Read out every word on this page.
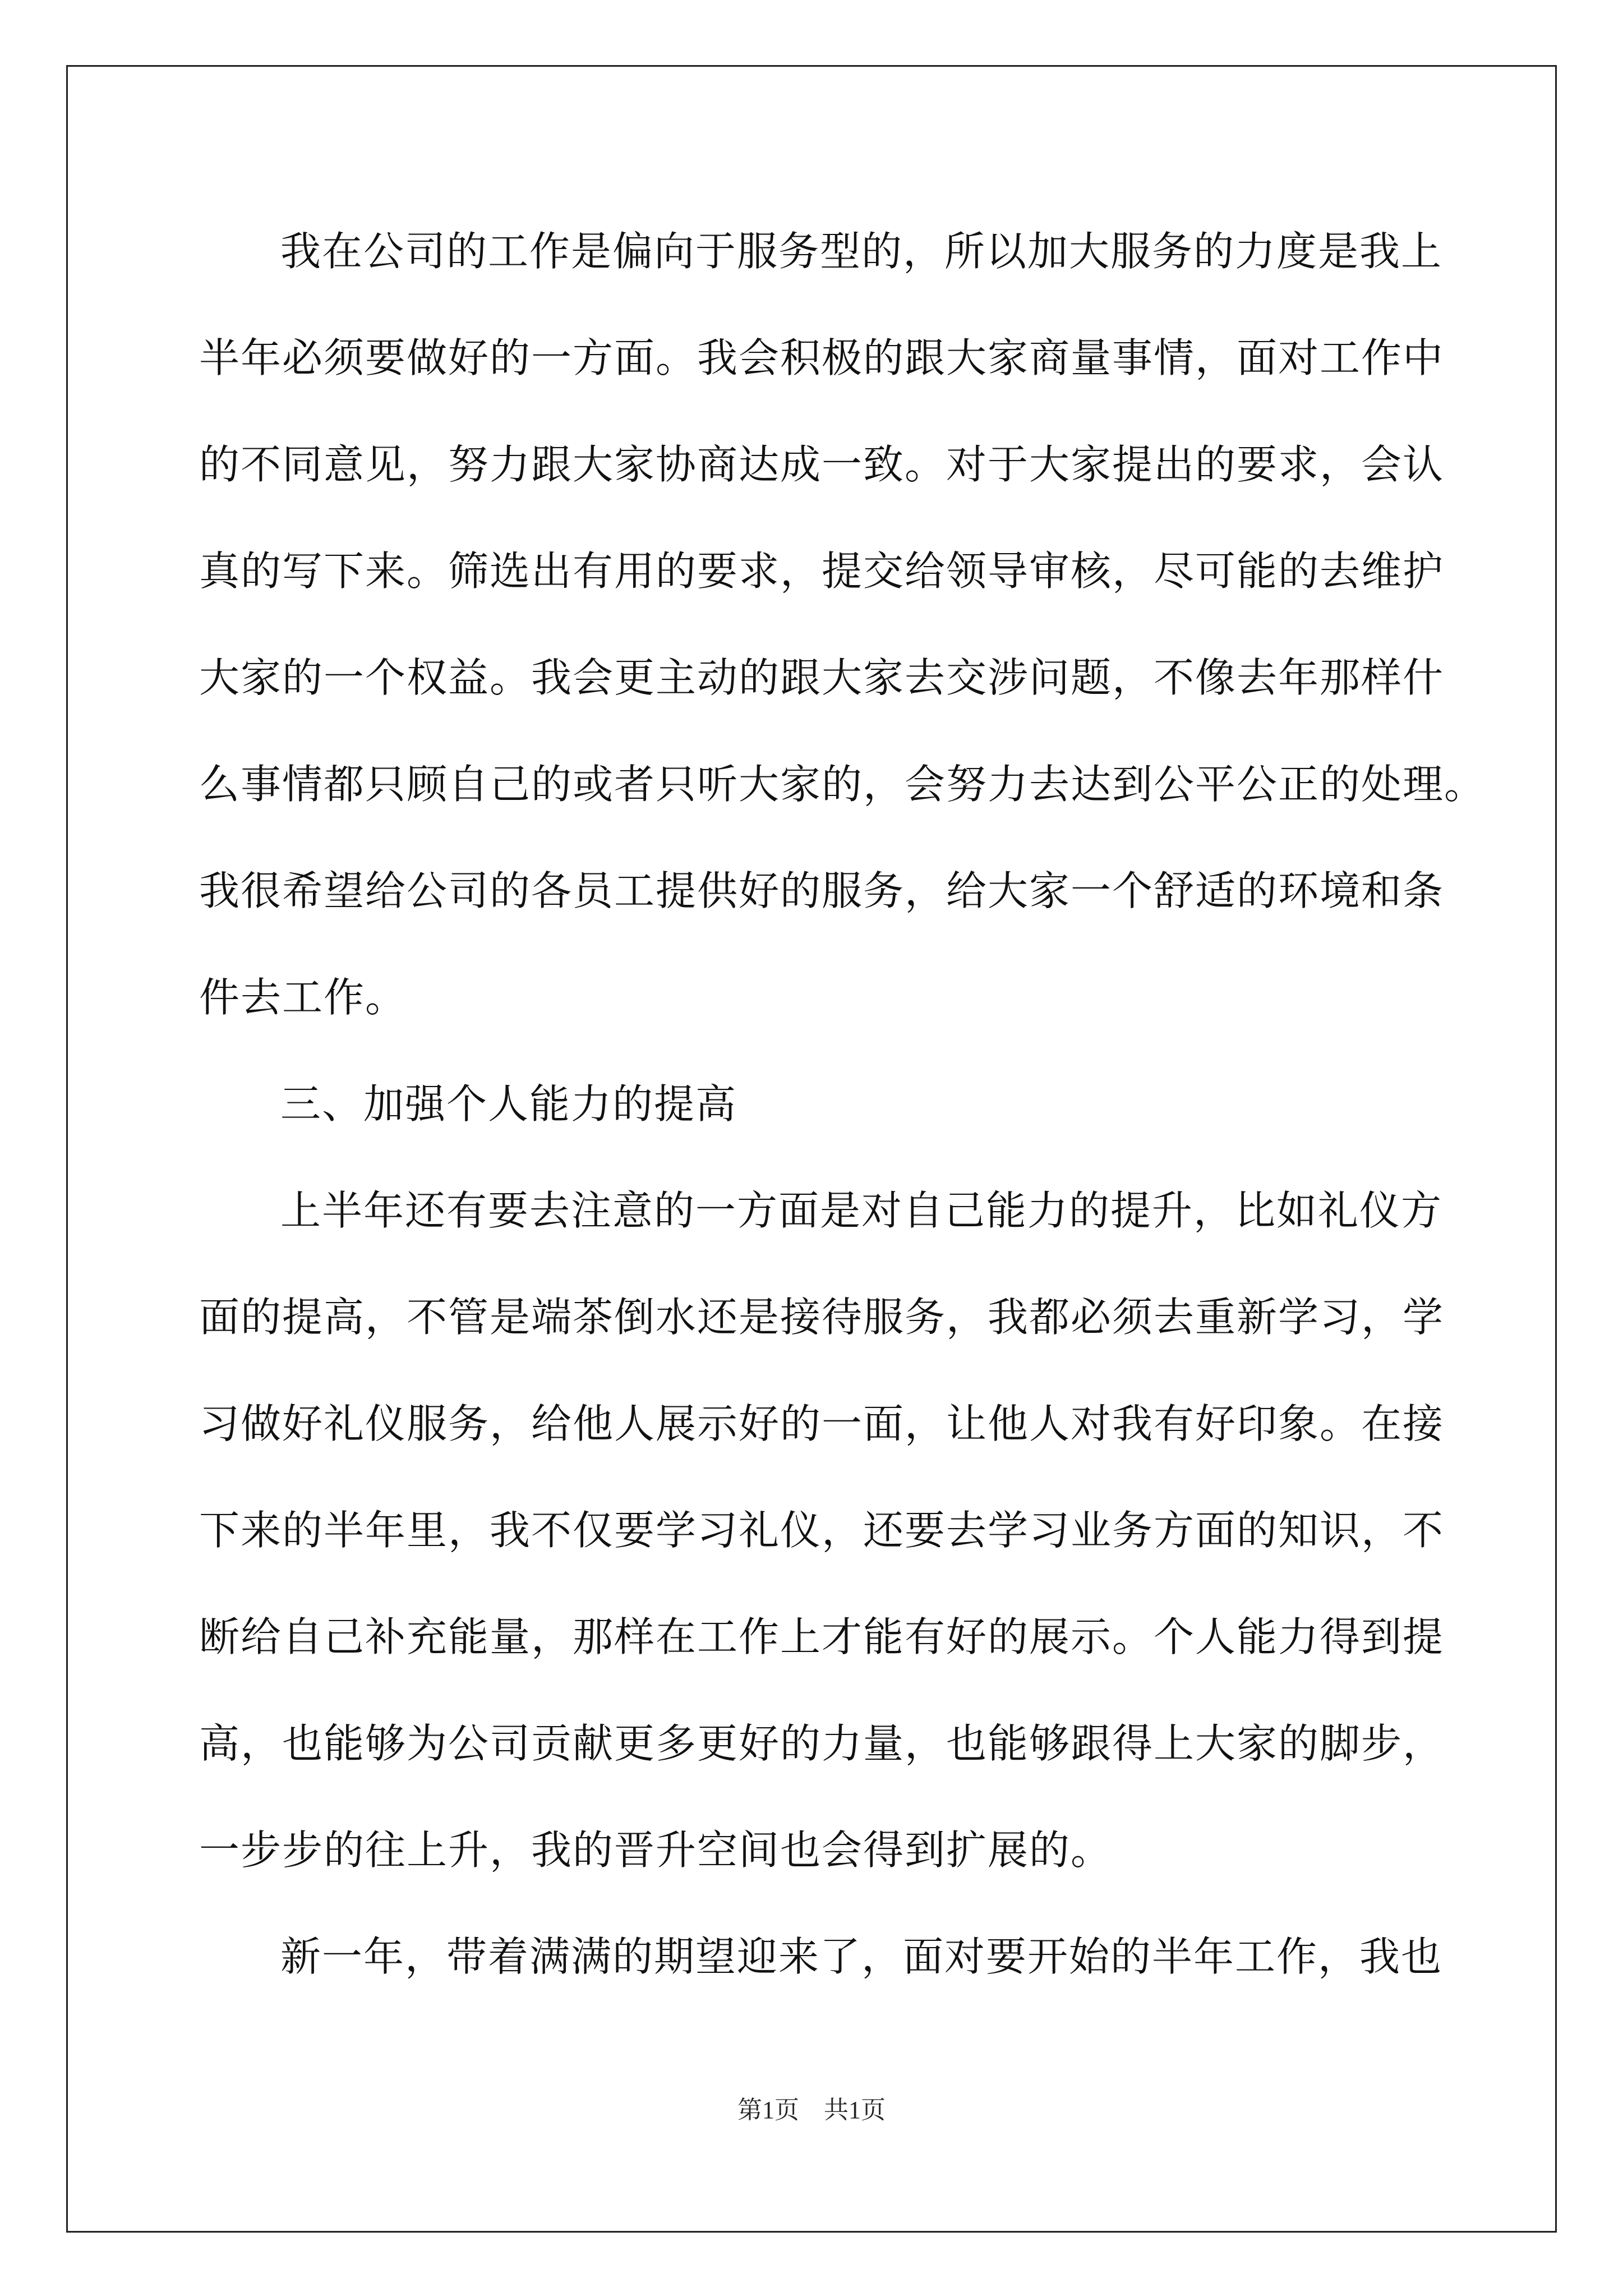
我在公司的工作是偏向于服务型的，所以加大服务的力度是我上
半年必须要做好的一方面。我会积极的跟大家商量事情，面对工作中
的不同意见，努力跟大家协商达成一致。对于大家提出的要求，会认
真的写下来。筛选出有用的要求，提交给领导审核，尽可能的去维护
大家的一个权益。我会更主动的跟大家去交涉问题，不像去年那样什
么事情都只顾自己的或者只听大家的，会努力去达到公平公正的处理。
我很希望给公司的各员工提供好的服务，给大家一个舒适的环境和条
件去工作。
三、加强个人能力的提高
上半年还有要去注意的一方面是对自己能力的提升，比如礼仪方
面的提高，不管是端茶倒水还是接待服务，我都必须去重新学习，学
习做好礼仪服务，给他人展示好的一面，让他人对我有好印象。在接
下来的半年里，我不仅要学习礼仪，还要去学习业务方面的知识，不
断给自己补充能量，那样在工作上才能有好的展示。个人能力得到提
高，也能够为公司贡献更多更好的力量，也能够跟得上大家的脚步，
一步步的往上升，我的晋升空间也会得到扩展的。
新一年，带着满满的期望迎来了，面对要开始的半年工作，我也
第1页 共1页
